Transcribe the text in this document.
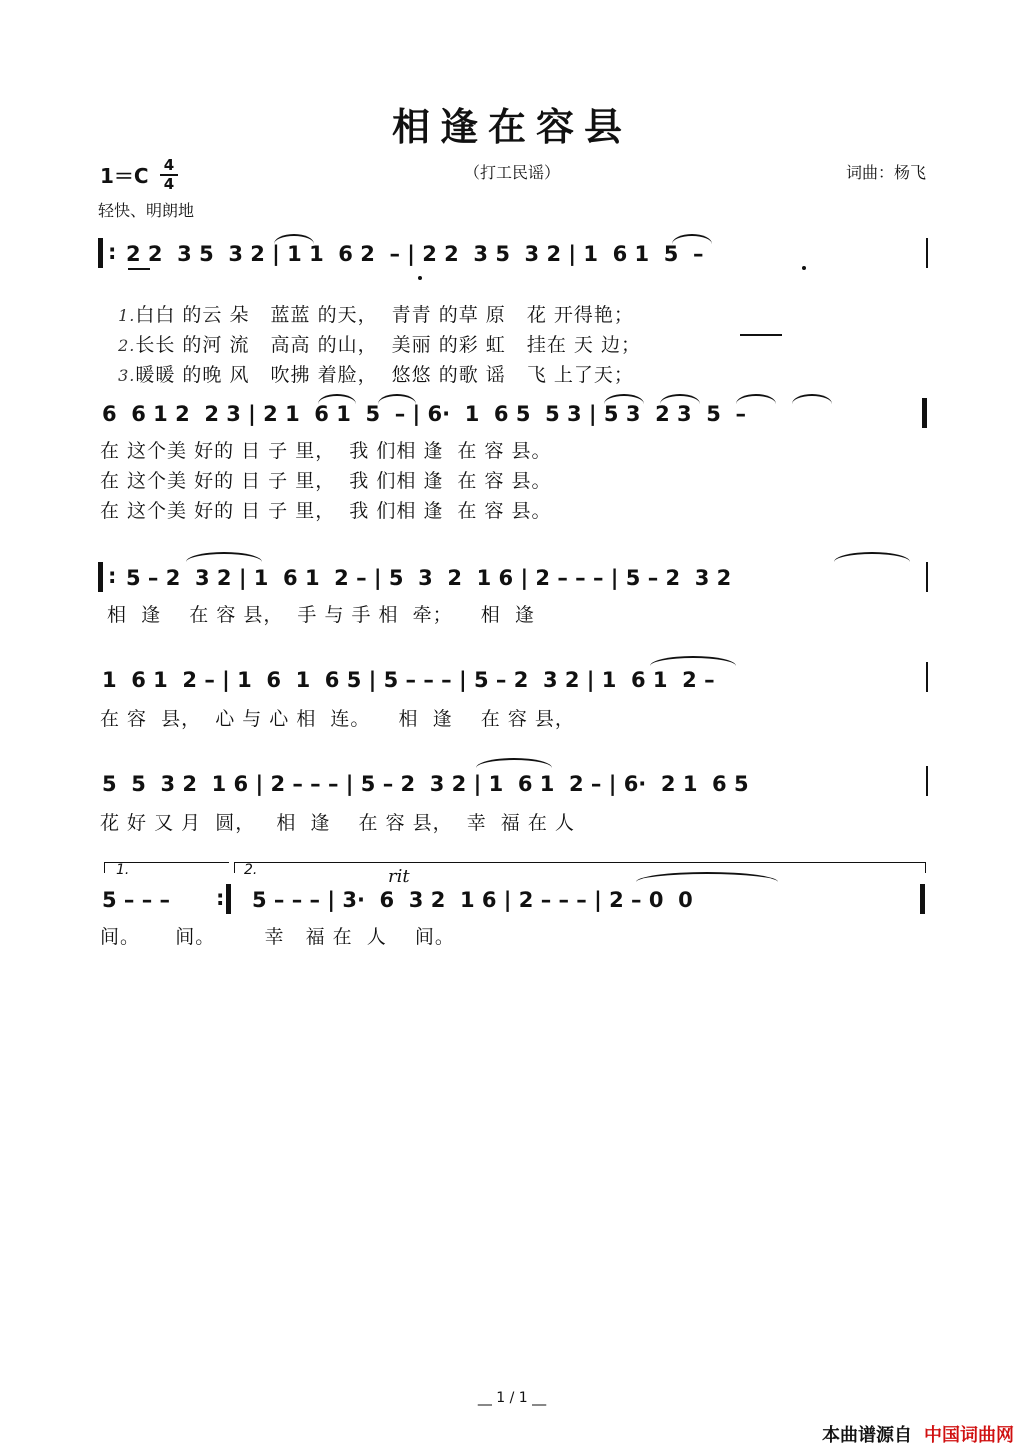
相逢在容县
（打工民谣）	词曲：杨飞
1＝C 4
4
轻快、明朗地
: 2 2  3 5  3 2 | 1 1  6 2  – | 2 2  3 5  3 2 | 1  6 1  5  –

1.白白 的云 朵   蓝蓝 的天，  青青 的草 原   花 开得艳；

2.长长 的河 流   高高 的山，  美丽 的彩 虹   挂在 天 边；

3.暖暖 的晚 风   吹拂 着脸，  悠悠 的歌 谣   飞 上了天；

6  6 1 2  2 3 | 2 1  6 1  5  – | 6·  1  6 5  5 3 | 5 3  2 3  5  –
在 这个美 好的 日 子 里，  我 们相 逢  在 容 县。
在 这个美 好的 日 子 里，  我 们相 逢  在 容 县。
在 这个美 好的 日 子 里，  我 们相 逢  在 容 县。
: 5 – 2  3 2 | 1  6 1  2 – | 5  3  2  1 6 | 2 – – – | 5 – 2  3 2
相  逢    在 容 县，  手 与 手 相  牵；    相  逢
1  6 1  2 – | 1  6  1  6 5 | 5 – – – | 5 – 2  3 2 | 1  6 1  2 –
在 容  县，  心 与 心 相  连。    相  逢    在 容 县，
5  5  3 2  1 6 | 2 – – – | 5 – 2  3 2 | 1  6 1  2 – | 6·  2 1  6 5
花 好 又 月  圆，   相  逢    在 容 县，  幸  福 在 人
1.	2.	rit
5 – – – : 5 – – – | 3·  6  3 2  1 6 | 2 – – – | 2 – 0  0
间。     间。       幸   福 在  人    间。
__ 1 / 1 __
本曲谱源自 中国词曲网
